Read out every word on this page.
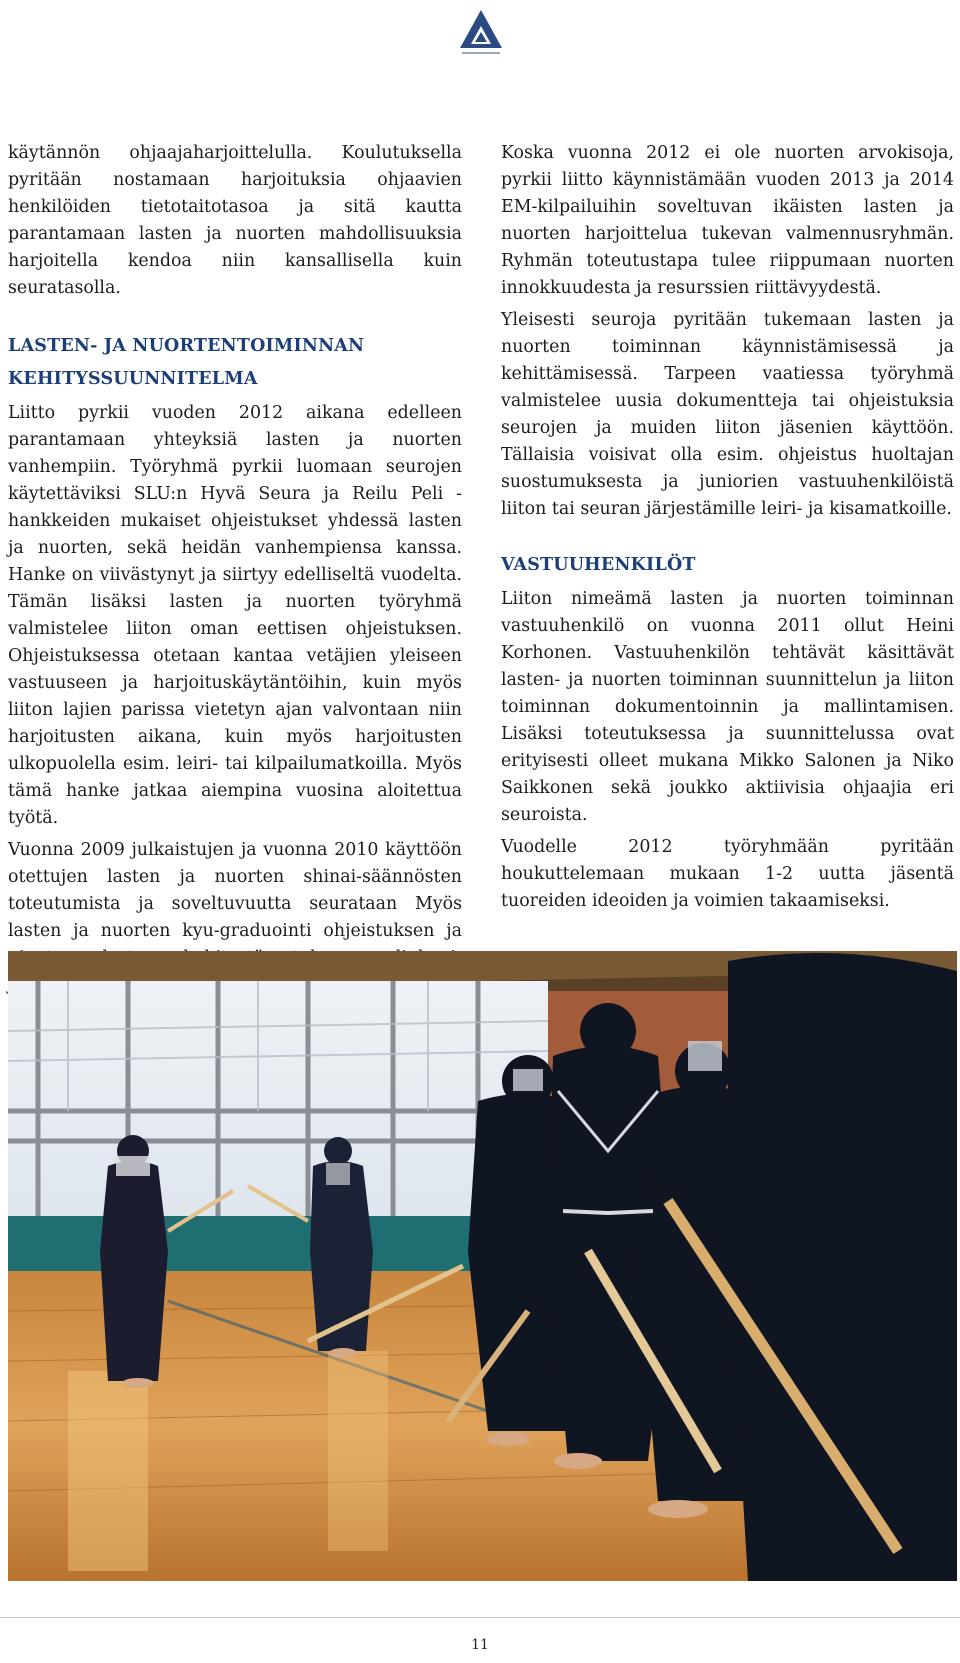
käytännön ohjaajaharjoittelulla. Koulutuksella pyritään nostamaan harjoituksia ohjaavien henkilöiden tietotaitotasoa ja sitä kautta parantamaan lasten ja nuorten mahdollisuuksia harjoitella kendoa niin kansallisella kuin seuratasolla.

LASTEN- JA NUORTENTOIMINNAN KEHITYSSUUNNITELMA

Liitto pyrkii vuoden 2012 aikana edelleen parantamaan yhteyksiä lasten ja nuorten vanhempiin. Työryhmä pyrkii luomaan seurojen käytettäviksi SLU:n Hyvä Seura ja Reilu Peli -hankkeiden mukaiset ohjeistukset yhdessä lasten ja nuorten, sekä heidän vanhempiensa kanssa. Hanke on viivästynyt ja siirtyy edelliseltä vuodelta. Tämän lisäksi lasten ja nuorten työryhmä valmistelee liiton oman eettisen ohjeistuksen. Ohjeistuksessa otetaan kantaa vetäjien yleiseen vastuuseen ja harjoituskäytäntöihin, kuin myös liiton lajien parissa vietetyn ajan valvontaan niin harjoitusten aikana, kuin myös harjoitusten ulkopuolella esim. leiri- tai kilpailumatkoilla. Myös tämä hanke jatkaa aiempina vuosina aloitettua työtä.

Vuonna 2009 julkaistujen ja vuonna 2010 käyttöön otettujen lasten ja nuorten shinai-säännösten toteutumista ja soveltuvuutta seurataan Myös lasten ja nuorten kyu-graduointi ohjeistuksen ja

Koska vuonna 2012 ei ole nuorten arvokisoja, pyrkii liitto käynnistämään vuoden 2013 ja 2014 EM-kilpailuihin soveltuvan ikäisten lasten ja nuorten harjoittelua tukevan valmennusryhmän. Ryhmän toteutustapa tulee riippumaan nuorten innokkuudesta ja resurssien riittävyydestä.

Yleisesti seuroja pyritään tukemaan lasten ja nuorten toiminnan käynnistämisessä ja kehittämisessä. Tarpeen vaatiessa työryhmä valmistelee uusia dokumentteja tai ohjeistuksia seurojen ja muiden liiton jäsenien käyttöön. Tällaisia voisivat olla esim. ohjeistus huoltajan suostumuksesta ja juniorien vastuuhenkilöistä liiton tai seuran järjestämille leiri- ja kisamatkoille.

VASTUUHENKILÖT

Liiton nimeämä lasten ja nuorten toiminnan vastuuhenkilö on vuonna 2011 ollut Heini Korhonen. Vastuuhenkilön tehtävät käsittävät lasten- ja nuorten toiminnan suunnittelun ja liiton toiminnan dokumentoinnin ja mallintamisen. Lisäksi toteutuksessa ja suunnittelussa ovat erityisesti olleet mukana Mikko Salonen ja Niko Saikkonen sekä joukko aktiivisia ohjaajia eri seuroista.

Vuodelle 2012 työryhmään pyritään houkuttelemaan mukaan 1-2 uutta jäsentä tuoreiden ideoiden ja voimien takaamiseksi.

11
